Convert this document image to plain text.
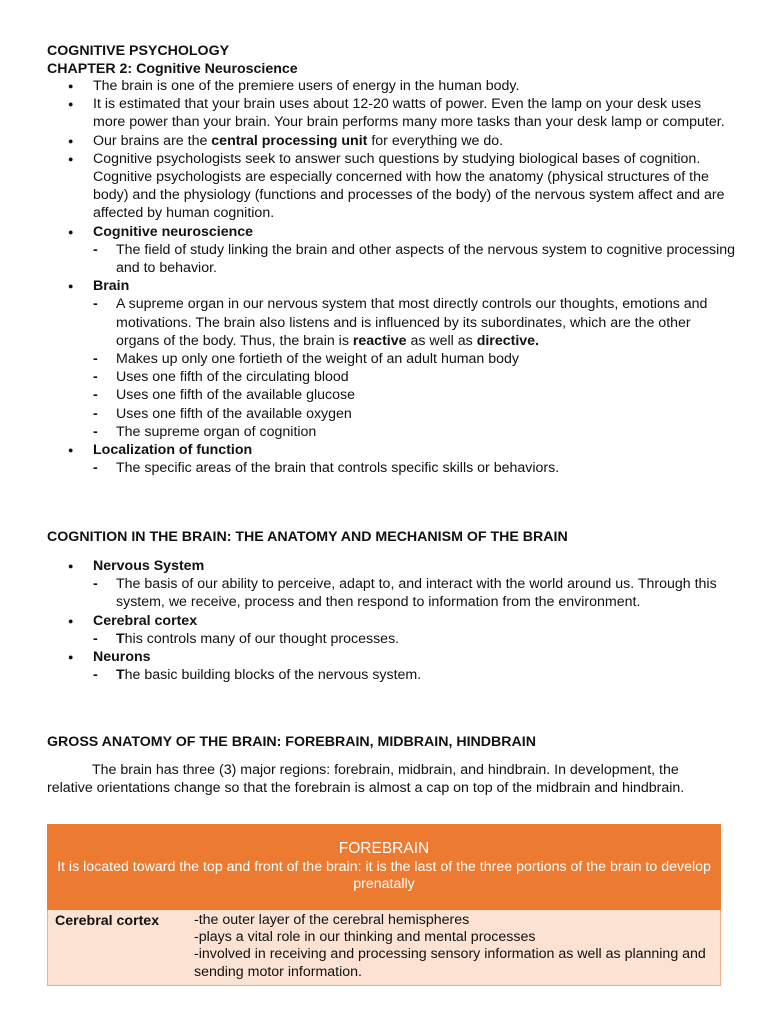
COGNITIVE PSYCHOLOGY
CHAPTER 2: Cognitive Neuroscience
● The brain is one of the premiere users of energy in the human body.
● It is estimated that your brain uses about 12-20 watts of power. Even the lamp on your desk uses more power than your brain. Your brain performs many more tasks than your desk lamp or computer.
● Our brains are the central processing unit for everything we do.
● Cognitive psychologists seek to answer such questions by studying biological bases of cognition. Cognitive psychologists are especially concerned with how the anatomy (physical structures of the body) and the physiology (functions and processes of the body) of the nervous system affect and are affected by human cognition.
● Cognitive neuroscience
- The field of study linking the brain and other aspects of the nervous system to cognitive processing and to behavior.
● Brain
- A supreme organ in our nervous system that most directly controls our thoughts, emotions and motivations. The brain also listens and is influenced by its subordinates, which are the other organs of the body. Thus, the brain is reactive as well as directive.
- Makes up only one fortieth of the weight of an adult human body
- Uses one fifth of the circulating blood
- Uses one fifth of the available glucose
- Uses one fifth of the available oxygen
- The supreme organ of cognition
● Localization of function
- The specific areas of the brain that controls specific skills or behaviors.
COGNITION IN THE BRAIN: THE ANATOMY AND MECHANISM OF THE BRAIN
● Nervous System
- The basis of our ability to perceive, adapt to, and interact with the world around us. Through this system, we receive, process and then respond to information from the environment.
● Cerebral cortex
- This controls many of our thought processes.
● Neurons
- The basic building blocks of the nervous system.
GROSS ANATOMY OF THE BRAIN: FOREBRAIN, MIDBRAIN, HINDBRAIN
The brain has three (3) major regions: forebrain, midbrain, and hindbrain. In development, the relative orientations change so that the forebrain is almost a cap on top of the midbrain and hindbrain.
FOREBRAIN
It is located toward the top and front of the brain: it is the last of the three portions of the brain to develop prenatally
Cerebral cortex	-the outer layer of the cerebral hemispheres
-plays a vital role in our thinking and mental processes
-involved in receiving and processing sensory information as well as planning and sending motor information.
